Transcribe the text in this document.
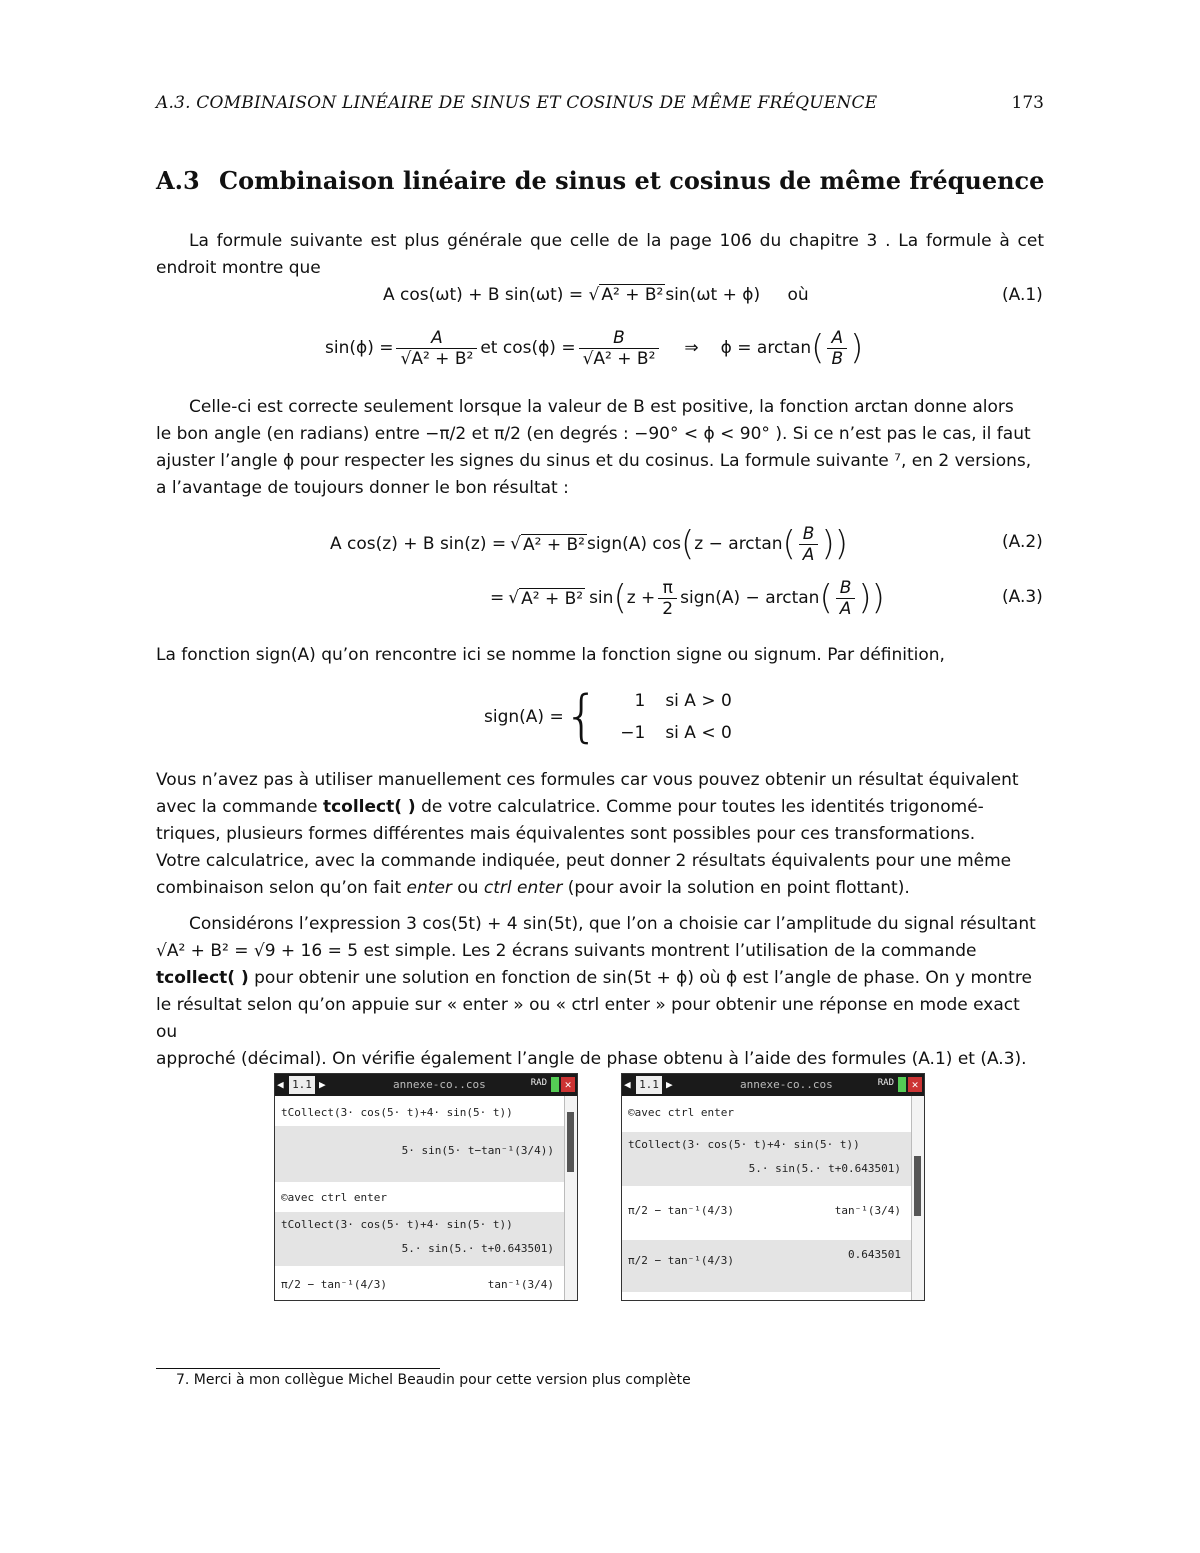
A.3. COMBINAISON LINÉAIRE DE SINUS ET COSINUS DE MÊME FRÉQUENCE	173
A.3 Combinaison linéaire de sinus et cosinus de même fréquence

La formule suivante est plus générale que celle de la page 106 du chapitre 3 . La formule à cet endroit montre que

A cos(ωt) + B sin(ωt) = √ A² + B² sin(ωt + ϕ) où	(A.1)
$\sin(\phi) = \frac{A}{\text{√A² + B²}}$ et $\cos(\phi) = \frac{B}{\text{√A² + B²}}$ ⇒ ϕ = arctan ( $\frac{A}{B}$ )

Celle-ci est correcte seulement lorsque la valeur de B est positive, la fonction arctan donne alors

le bon angle (en radians) entre −π/2 et π/2 (en degrés : −90° < ϕ < 90° ). Si ce n’est pas le cas, il faut

ajuster l’angle ϕ pour respecter les signes du sinus et du cosinus. La formule suivante ⁷, en 2 versions,

a l’avantage de toujours donner le bon résultat :

A cos(z) + B sin(z) = √ A² + B² sign(A) cos ( z − arctan ( $\frac{B}{A}$ ))	(A.2)
= √ A² + B² sin ( $z + \frac{\pi}{2}$ sign(A) − arctan ( $\frac{B}{A}$ ))	(A.3)

La fonction sign(A) qu’on rencontre ici se nomme la fonction signe ou signum. Par définition,

sign(A) = {	1 si A > 0
−1 si A < 0

Vous n’avez pas à utiliser manuellement ces formules car vous pouvez obtenir un résultat équivalent

avec la commande tcollect( ) de votre calculatrice. Comme pour toutes les identités trigonomé-

triques, plusieurs formes différentes mais équivalentes sont possibles pour ces transformations.

Votre calculatrice, avec la commande indiquée, peut donner 2 résultats équivalents pour une même

combinaison selon qu’on fait enter ou ctrl enter (pour avoir la solution en point flottant).

Considérons l’expression 3 cos(5t) + 4 sin(5t), que l’on a choisie car l’amplitude du signal résultant

√A² + B² = √9 + 16 = 5 est simple. Les 2 écrans suivants montrent l’utilisation de la commande

tcollect( ) pour obtenir une solution en fonction de sin(5t + ϕ) où ϕ est l’angle de phase. On y montre

le résultat selon qu’on appuie sur « enter » ou « ctrl enter » pour obtenir une réponse en mode exact ou

approché (décimal). On vérifie également l’angle de phase obtenu à l’aide des formules (A.1) et (A.3).

◀ 1.1 ▶	annexe-co..cos	RAD	✕
tCollect(3· cos(5· t)+4· sin(5· t))
5· sin(5· t−tan⁻¹(3/4))
©avec ctrl enter
tCollect(3· cos(5· t)+4· sin(5· t))
5.· sin(5.· t+0.643501)
π/2 − tan⁻¹(4/3)	tan⁻¹(3/4)
◀ 1.1 ▶	annexe-co..cos	RAD	✕
©avec ctrl enter
tCollect(3· cos(5· t)+4· sin(5· t))
5.· sin(5.· t+0.643501)
π/2 − tan⁻¹(4/3)	tan⁻¹(3/4)
π/2 − tan⁻¹(4/3)	0.643501
7. Merci à mon collègue Michel Beaudin pour cette version plus complète
